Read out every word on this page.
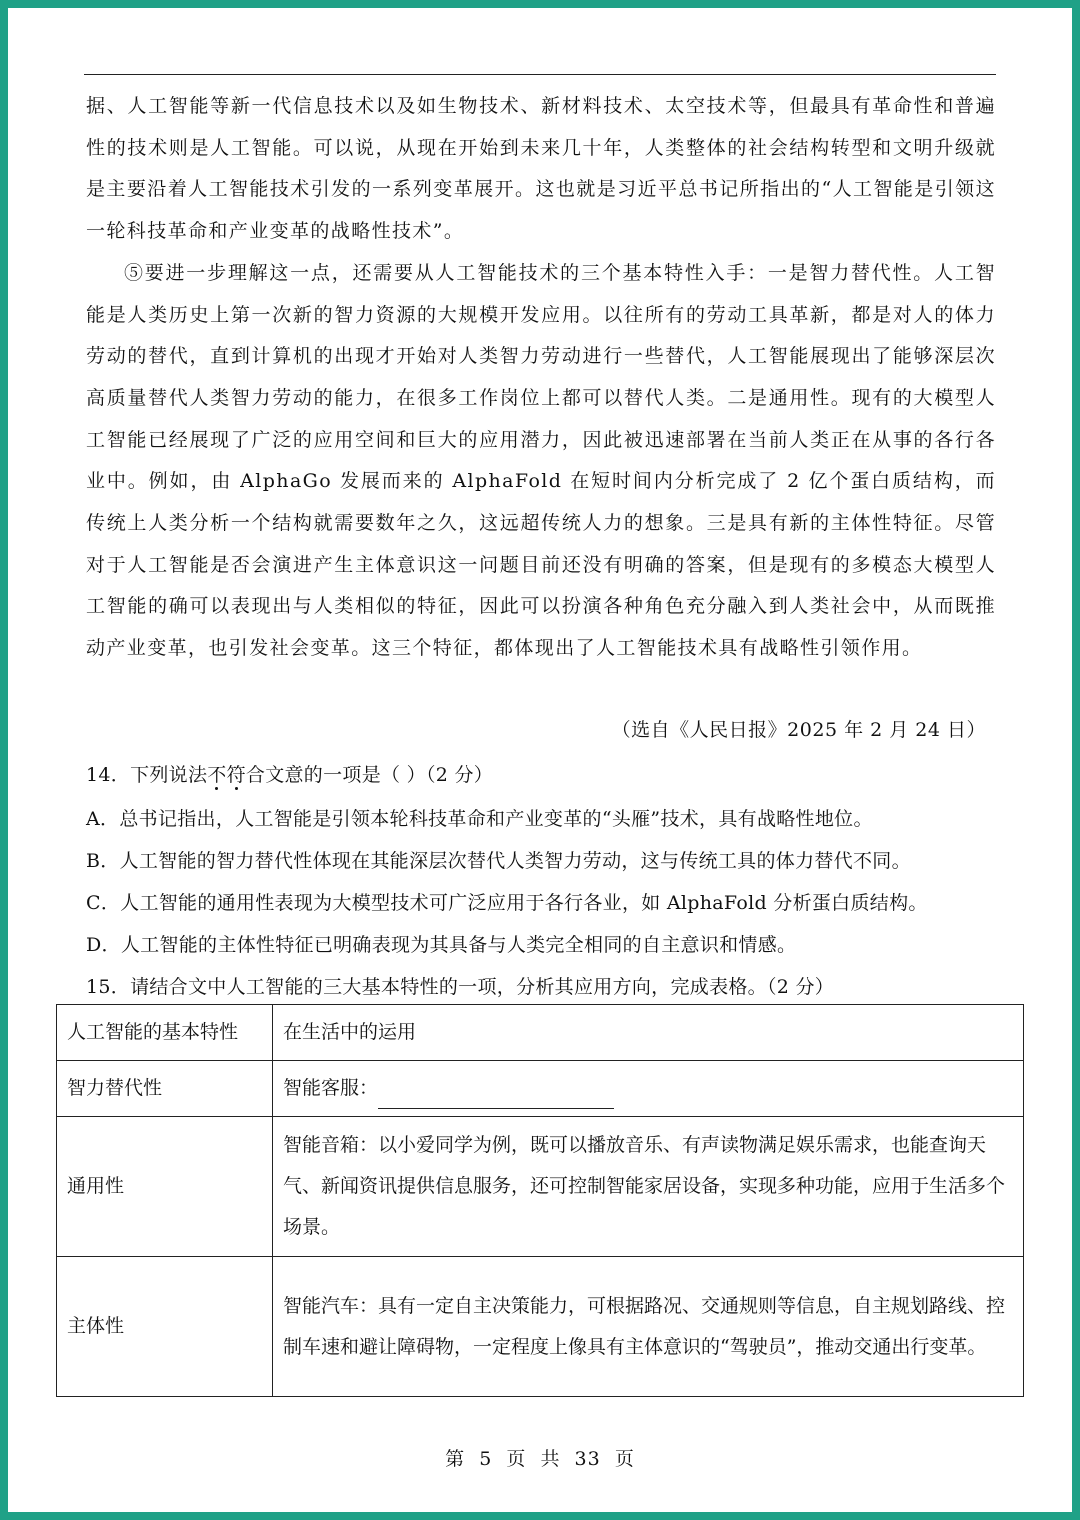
据、人工智能等新一代信息技术以及如生物技术、新材料技术、太空技术等，但最具有革命性和普遍性的技术则是人工智能。可以说，从现在开始到未来几十年，人类整体的社会结构转型和文明升级就是主要沿着人工智能技术引发的一系列变革展开。这也就是习近平总书记所指出的“人工智能是引领这一轮科技革命和产业变革的战略性技术”。

⑤要进一步理解这一点，还需要从人工智能技术的三个基本特性入手：一是智力替代性。人工智能是人类历史上第一次新的智力资源的大规模开发应用。以往所有的劳动工具革新，都是对人的体力劳动的替代，直到计算机的出现才开始对人类智力劳动进行一些替代，人工智能展现出了能够深层次高质量替代人类智力劳动的能力，在很多工作岗位上都可以替代人类。二是通用性。现有的大模型人工智能已经展现了广泛的应用空间和巨大的应用潜力，因此被迅速部署在当前人类正在从事的各行各业中。例如，由 AlphaGo 发展而来的 AlphaFold 在短时间内分析完成了 2 亿个蛋白质结构，而传统上人类分析一个结构就需要数年之久，这远超传统人力的想象。三是具有新的主体性特征。尽管对于人工智能是否会演进产生主体意识这一问题目前还没有明确的答案，但是现有的多模态大模型人工智能的确可以表现出与人类相似的特征，因此可以扮演各种角色充分融入到人类社会中，从而既推动产业变革，也引发社会变革。这三个特征，都体现出了人工智能技术具有战略性引领作用。

（选自《人民日报》2025 年 2 月 24 日）
14．下列说法不符合文意的一项是（ ）（2 分）
A．总书记指出，人工智能是引领本轮科技革命和产业变革的“头雁”技术，具有战略性地位。
B．人工智能的智力替代性体现在其能深层次替代人类智力劳动，这与传统工具的体力替代不同。
C．人工智能的通用性表现为大模型技术可广泛应用于各行各业，如 AlphaFold 分析蛋白质结构。
D．人工智能的主体性特征已明确表现为其具备与人类完全相同的自主意识和情感。
15．请结合文中人工智能的三大基本特性的一项，分析其应用方向，完成表格。（2 分）
人工智能的基本特性	在生活中的运用
智力替代性	智能客服：
通用性	智能音箱：以小爱同学为例，既可以播放音乐、有声读物满足娱乐需求，也能查询天气、新闻资讯提供信息服务，还可控制智能家居设备，实现多种功能，应用于生活多个场景。
主体性	智能汽车：具有一定自主决策能力，可根据路况、交通规则等信息，自主规划路线、控制车速和避让障碍物，一定程度上像具有主体意识的“驾驶员”，推动交通出行变革。
第  5  页  共  33  页
